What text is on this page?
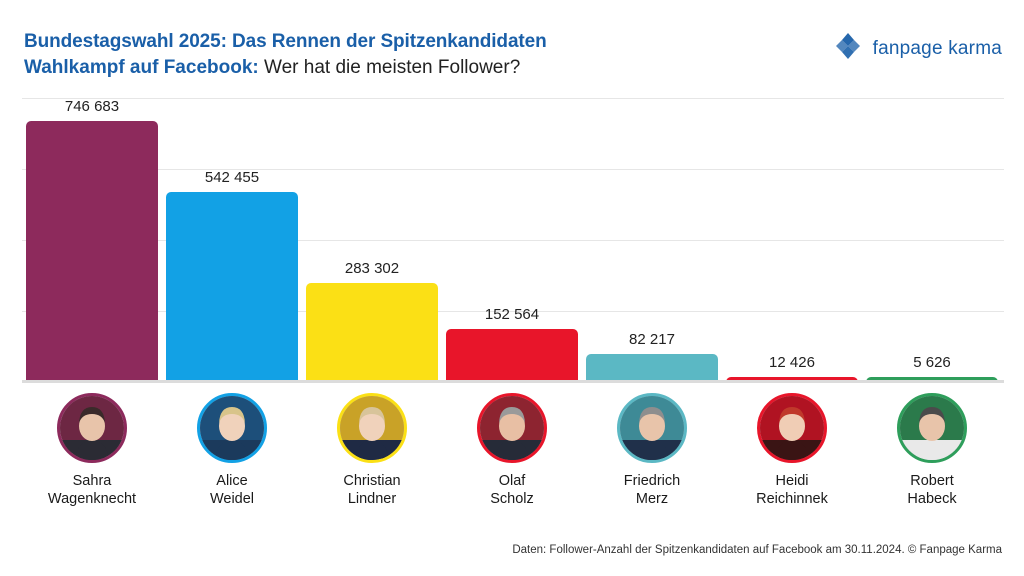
Bundestagswahl 2025: Das Rennen der Spitzenkandidaten
Wahlkampf auf Facebook: Wer hat die meisten Follower?
fanpage karma
746 683
542 455
283 302
152 564
82 217
12 426	5 626
Sahra
Wagenknecht
Alice
Weidel
Christian
Lindner
Olaf
Scholz
Friedrich
Merz
Heidi
Reichinnek
Robert
Habeck
Daten: Follower-Anzahl der Spitzenkandidaten auf Facebook am 30.11.2024. © Fanpage Karma
